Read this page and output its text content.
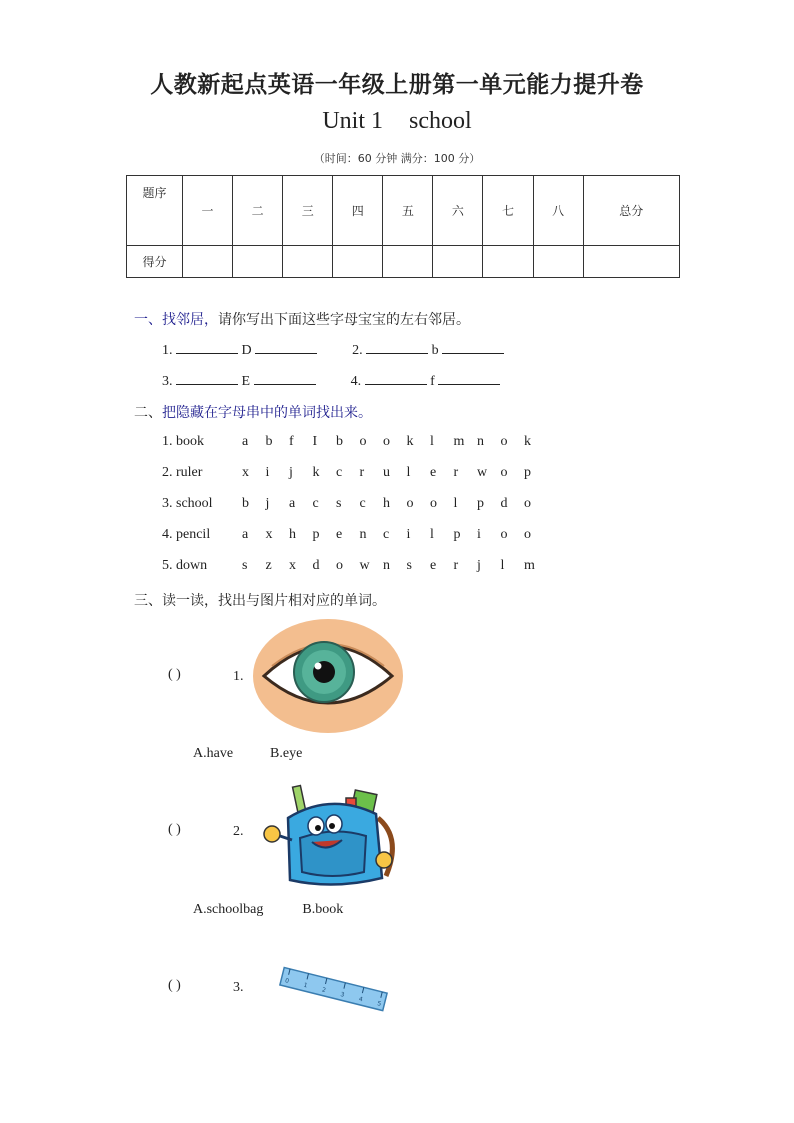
人教新起点英语一年级上册第一单元能力提升卷
Unit 1 school
（时间：60 分钟 满分：100 分）
题序	一	二	三	四	五	六	七	八	总分
得分									
一、找邻居，请你写出下面这些字母宝宝的左右邻居。
1.	D	2.	b
3.	E	4.	f
二、把隐藏在字母串中的单词找出来。
1. book	a b f I b o o k l m n o k
2. ruler	x i j k c r u l e r w o p
3. school b j a c s c h o o l p d o
4. pencil a x h p e n c i l p i o o
5. down s z x d o w n s e r j l m
三、读一读，找出与图片相对应的单词。
( )	1.
A.have	B.eye
( )	2.
A.schoolbag	B.book
( )	3.	0
1
2
3
4
5
